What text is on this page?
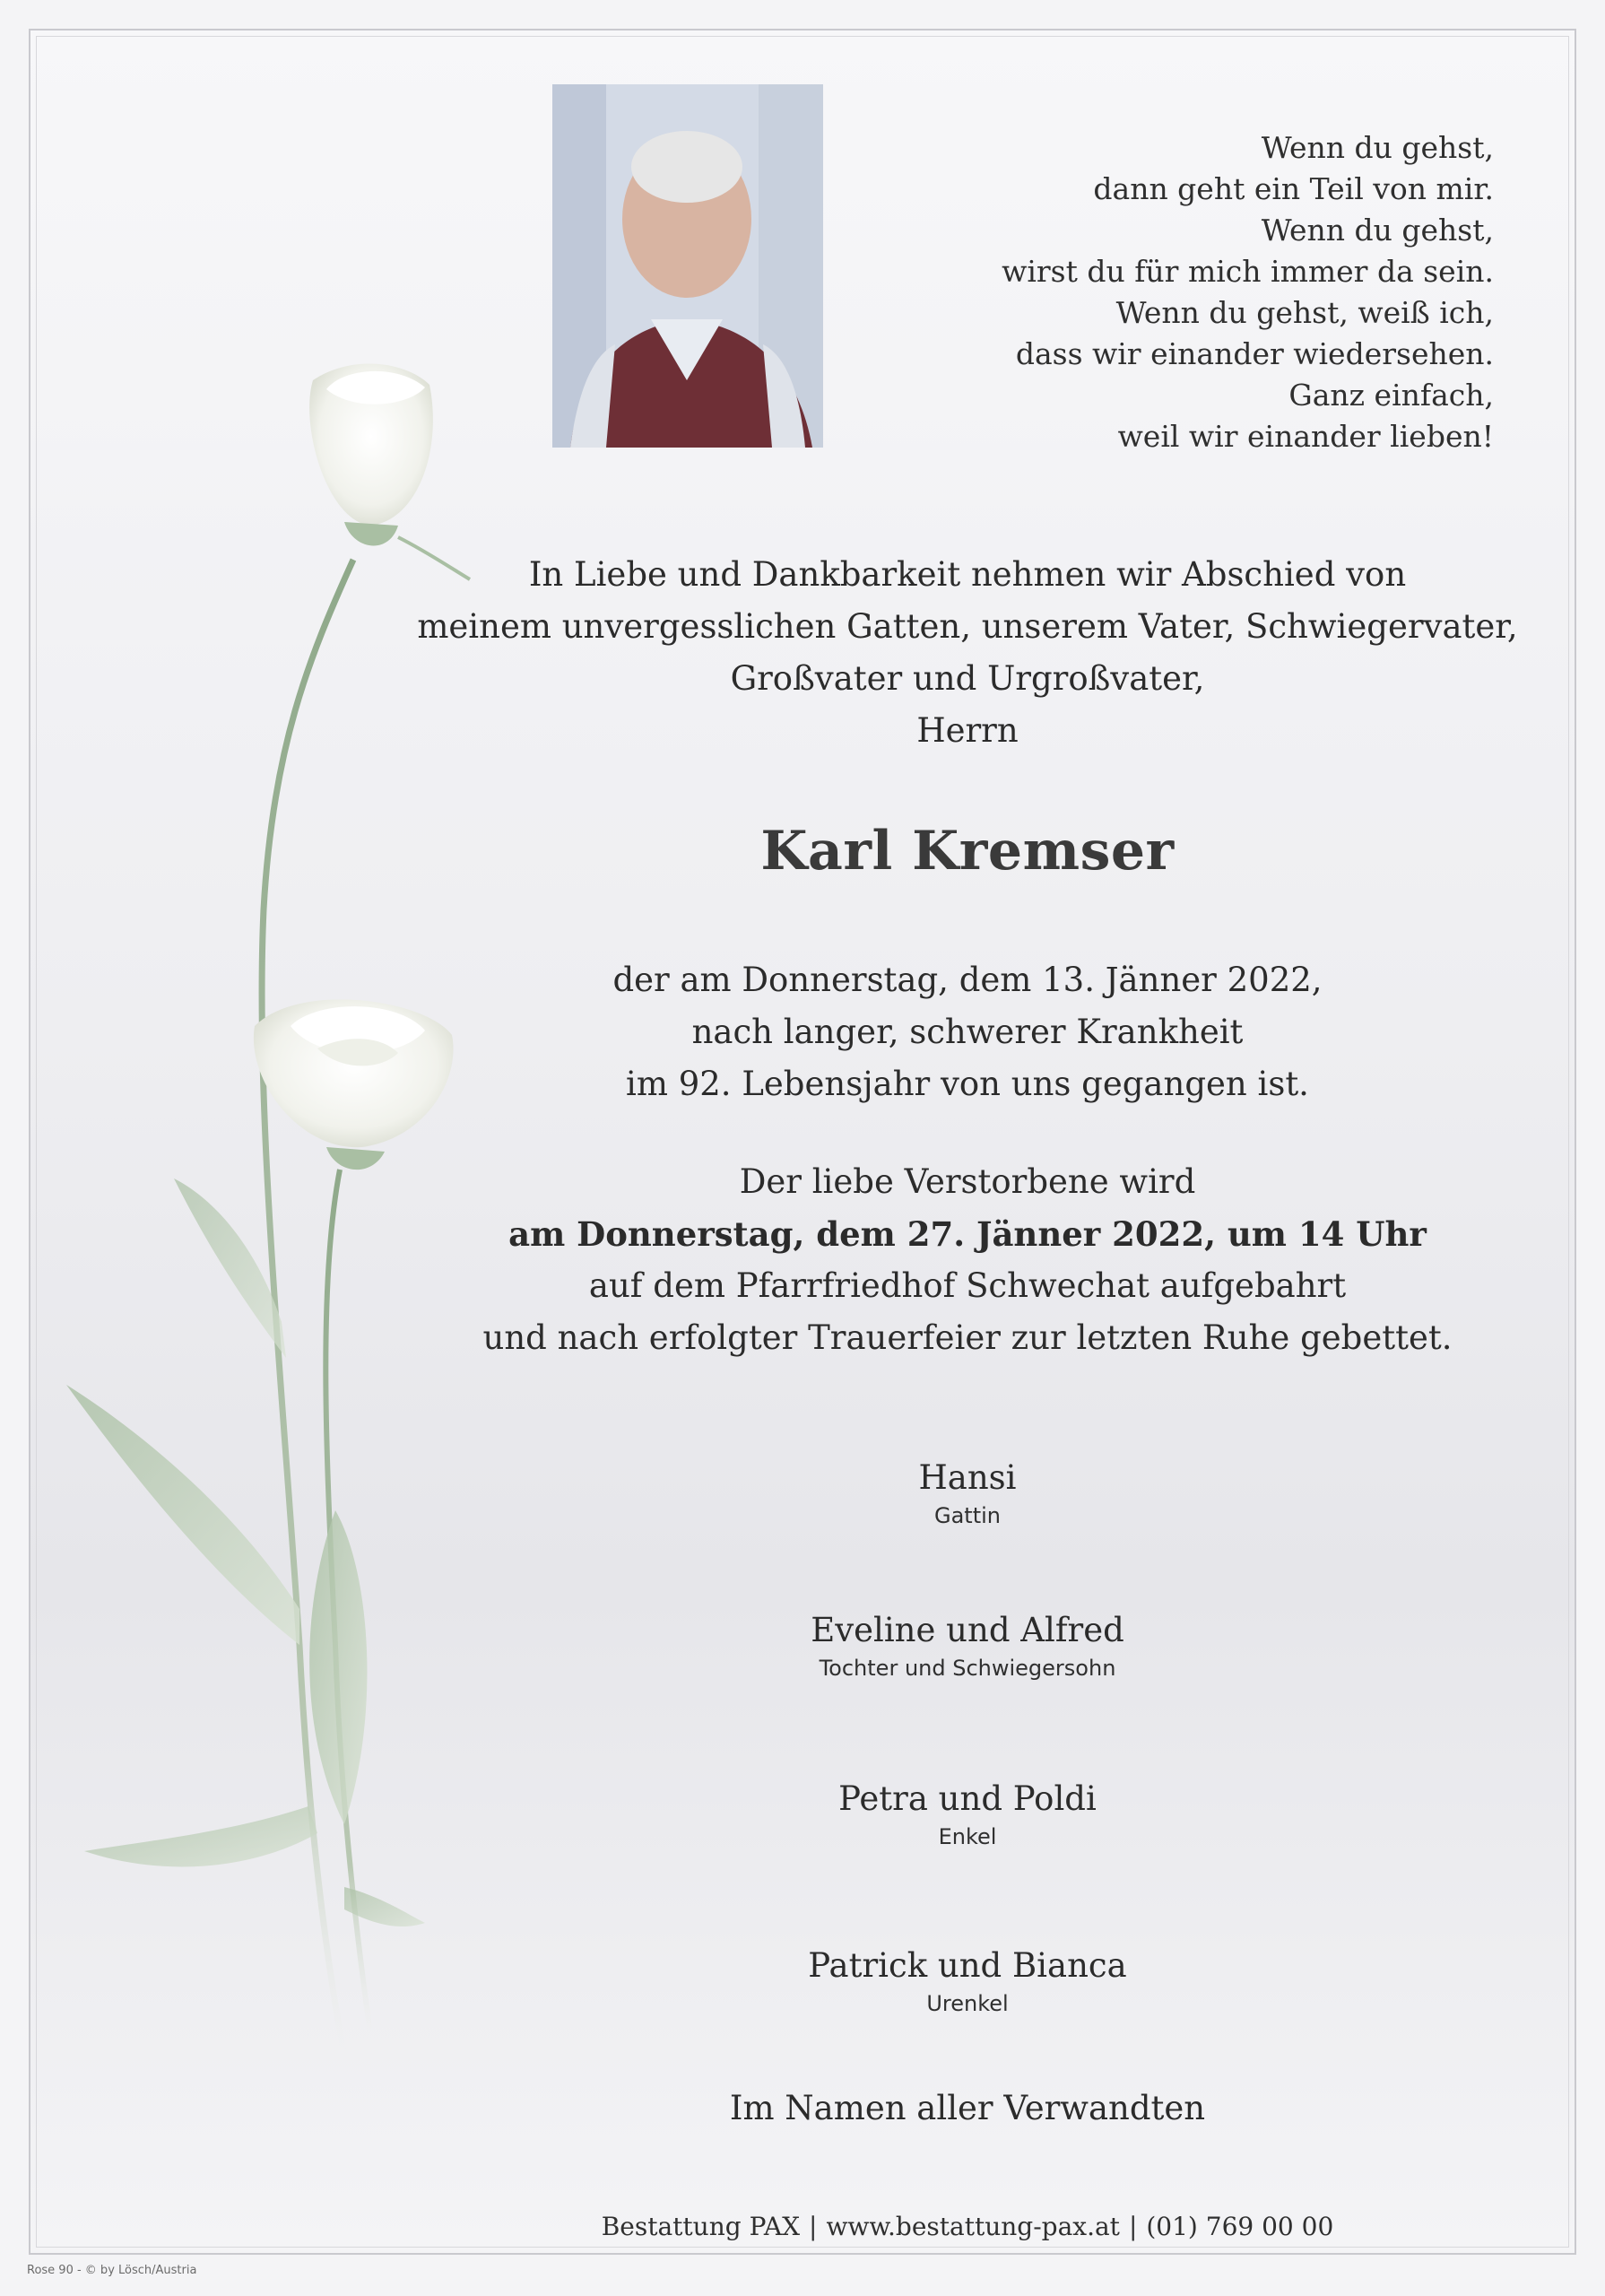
Wenn du gehst,
dann geht ein Teil von mir.
Wenn du gehst,
wirst du für mich immer da sein.
Wenn du gehst, weiß ich,
dass wir einander wiedersehen.
Ganz einfach,
weil wir einander lieben!
In Liebe und Dankbarkeit nehmen wir Abschied von
meinem unvergesslichen Gatten, unserem Vater, Schwiegervater,
Großvater und Urgroßvater,
Herrn
Karl Kremser
der am Donnerstag, dem 13. Jänner 2022,
nach langer, schwerer Krankheit
im 92. Lebensjahr von uns gegangen ist.
Der liebe Verstorbene wird
am Donnerstag, dem 27. Jänner 2022, um 14 Uhr
auf dem Pfarrfriedhof Schwechat aufgebahrt
und nach erfolgter Trauerfeier zur letzten Ruhe gebettet.
Hansi
Gattin
Eveline und Alfred
Tochter und Schwiegersohn
Petra und Poldi
Enkel
Patrick und Bianca
Urenkel
Im Namen aller Verwandten
Bestattung PAX | www.bestattung-pax.at | (01) 769 00 00
Rose 90 - © by Lösch/Austria
